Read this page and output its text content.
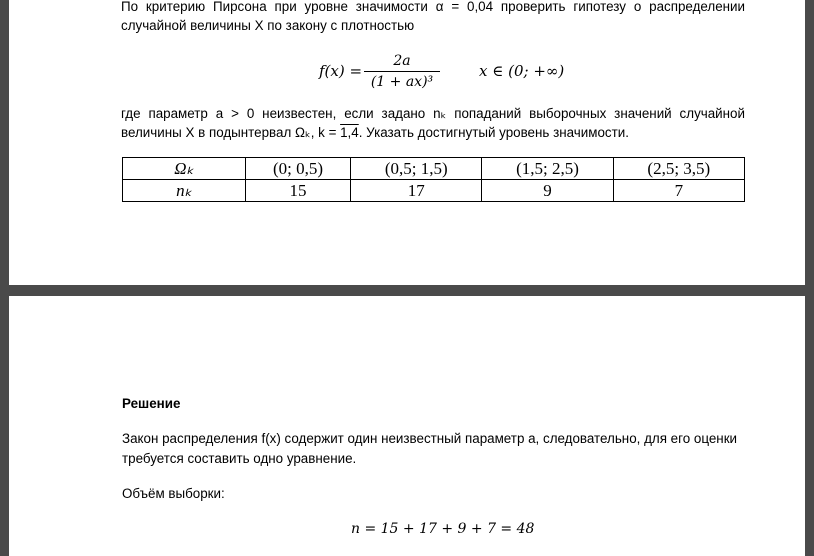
По критерию Пирсона при уровне значимости α = 0,04 проверить гипотезу о распределении
случайной величины X по закону с плотностью
f(x) =
2a
(1 + ax)³
x ∈ (0; +∞)
где параметр a > 0 неизвестен, если задано nₖ попаданий выборочных значений случайной
величины X в подынтервал Ωₖ, k = 1,4. Указать достигнутый уровень значимости.
Ωₖ	(0; 0,5)	(0,5; 1,5)	(1,5; 2,5)	(2,5; 3,5)
nₖ	15	17	9	7
Решение
Закон распределения f(x) содержит один неизвестный параметр a, следовательно, для его оценки
требуется составить одно уравнение.
Объём выборки:
n = 15 + 17 + 9 + 7 = 48
